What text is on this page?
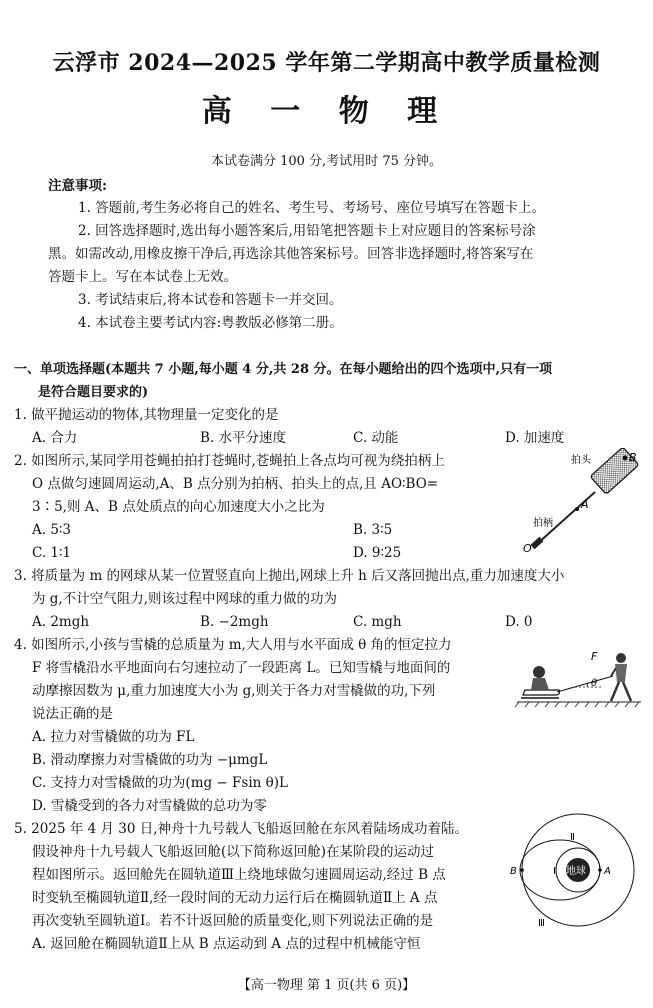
云浮市 2024—2025 学年第二学期高中教学质量检测
高 一 物 理
本试卷满分 100 分,考试用时 75 分钟。
注意事项:
1. 答题前,考生务必将自己的姓名、考生号、考场号、座位号填写在答题卡上。
2. 回答选择题时,选出每小题答案后,用铅笔把答题卡上对应题目的答案标号涂
黑。如需改动,用橡皮擦干净后,再选涂其他答案标号。回答非选择题时,将答案写在
答题卡上。写在本试卷上无效。
3. 考试结束后,将本试卷和答题卡一并交回。
4. 本试卷主要考试内容:粤教版必修第二册。
一、单项选择题(本题共 7 小题,每小题 4 分,共 28 分。在每小题给出的四个选项中,只有一项
是符合题目要求的)
1. 做平抛运动的物体,其物理量一定变化的是
A. 合力	B. 水平分速度	C. 动能	D. 加速度
2. 如图所示,某同学用苍蝇拍拍打苍蝇时,苍蝇拍上各点均可视为绕拍柄上
O 点做匀速圆周运动,A、B 点分别为拍柄、拍头上的点,且 AO∶BO=
3∶5,则 A、B 点处质点的向心加速度大小之比为
A. 5∶3	B. 3∶5
C. 1∶1	D. 9∶25
拍头	B
A
拍柄
O
3. 将质量为 m 的网球从某一位置竖直向上抛出,网球上升 h 后又落回抛出点,重力加速度大小
为 g,不计空气阻力,则该过程中网球的重力做的功为
A. 2mgh	B. −2mgh	C. mgh	D. 0
4. 如图所示,小孩与雪橇的总质量为 m,大人用与水平面成 θ 角的恒定拉力
F 将雪橇沿水平地面向右匀速拉动了一段距离 L。已知雪橇与地面间的
动摩擦因数为 μ,重力加速度大小为 g,则关于各力对雪橇做的功,下列
说法正确的是
A. 拉力对雪橇做的功为 FL
B. 滑动摩擦力对雪橇做的功为 −μmgL
C. 支持力对雪橇做的功为(mg − Fsin θ)L
D. 雪橇受到的各力对雪橇做的总功为零
F
θ
5. 2025 年 4 月 30 日,神舟十九号载人飞船返回舱在东风着陆场成功着陆。
假设神舟十九号载人飞船返回舱(以下简称返回舱)在某阶段的运动过
程如图所示。返回舱先在圆轨道Ⅲ上绕地球做匀速圆周运动,经过 B 点
时变轨至椭圆轨道Ⅱ,经一段时间的无动力运行后在椭圆轨道Ⅱ上 A 点
再次变轨至圆轨道Ⅰ。若不计返回舱的质量变化,则下列说法正确的是
A. 返回舱在椭圆轨道Ⅱ上从 B 点运动到 A 点的过程中机械能守恒
地球 A
B	Ⅰ
Ⅱ
Ⅲ
【高一物理 第 1 页(共 6 页)】
